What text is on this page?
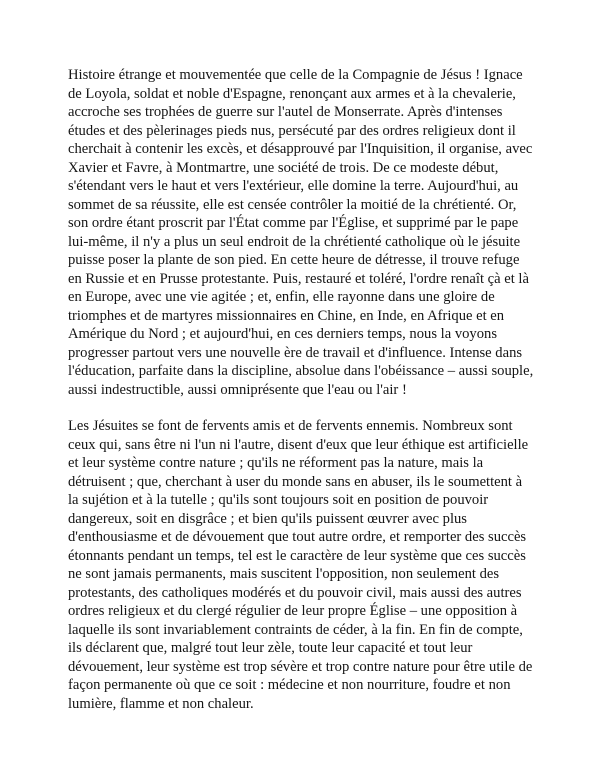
Histoire étrange et mouvementée que celle de la Compagnie de Jésus ! Ignace de Loyola, soldat et noble d'Espagne, renonçant aux armes et à la chevalerie, accroche ses trophées de guerre sur l'autel de Monserrate. Après d'intenses études et des pèlerinages pieds nus, persécuté par des ordres religieux dont il cherchait à contenir les excès, et désapprouvé par l'Inquisition, il organise, avec Xavier et Favre, à Montmartre, une société de trois. De ce modeste début, s'étendant vers le haut et vers l'extérieur, elle domine la terre. Aujourd'hui, au sommet de sa réussite, elle est censée contrôler la moitié de la chrétienté. Or, son ordre étant proscrit par l'État comme par l'Église, et supprimé par le pape lui-même, il n'y a plus un seul endroit de la chrétienté catholique où le jésuite puisse poser la plante de son pied. En cette heure de détresse, il trouve refuge en Russie et en Prusse protestante. Puis, restauré et toléré, l'ordre renaît çà et là en Europe, avec une vie agitée ; et, enfin, elle rayonne dans une gloire de triomphes et de martyres missionnaires en Chine, en Inde, en Afrique et en Amérique du Nord ; et aujourd'hui, en ces derniers temps, nous la voyons progresser partout vers une nouvelle ère de travail et d'influence. Intense dans l'éducation, parfaite dans la discipline, absolue dans l'obéissance – aussi souple, aussi indestructible, aussi omniprésente que l'eau ou l'air !

Les Jésuites se font de fervents amis et de fervents ennemis. Nombreux sont ceux qui, sans être ni l'un ni l'autre, disent d'eux que leur éthique est artificielle et leur système contre nature ; qu'ils ne réforment pas la nature, mais la détruisent ; que, cherchant à user du monde sans en abuser, ils le soumettent à la sujétion et à la tutelle ; qu'ils sont toujours soit en position de pouvoir dangereux, soit en disgrâce ; et bien qu'ils puissent œuvrer avec plus d'enthousiasme et de dévouement que tout autre ordre, et remporter des succès étonnants pendant un temps, tel est le caractère de leur système que ces succès ne sont jamais permanents, mais suscitent l'opposition, non seulement des protestants, des catholiques modérés et du pouvoir civil, mais aussi des autres ordres religieux et du clergé régulier de leur propre Église – une opposition à laquelle ils sont invariablement contraints de céder, à la fin. En fin de compte, ils déclarent que, malgré tout leur zèle, toute leur capacité et tout leur dévouement, leur système est trop sévère et trop contre nature pour être utile de façon permanente où que ce soit : médecine et non nourriture, foudre et non lumière, flamme et non chaleur.
